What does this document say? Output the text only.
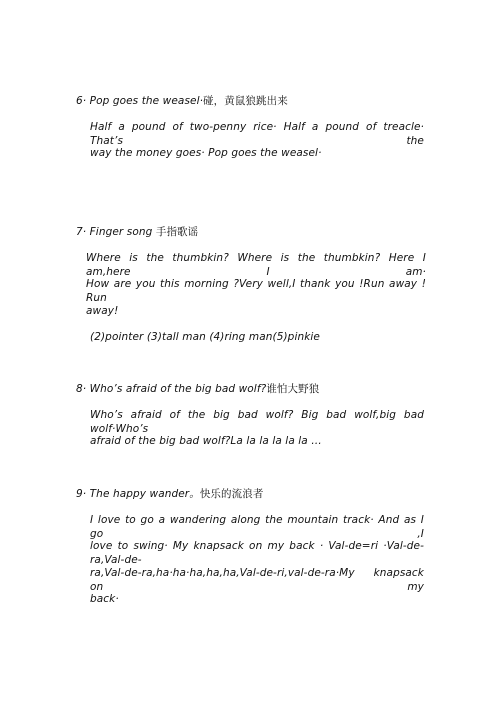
6· Pop goes the weasel·碰，黄鼠狼跳出来
Half a pound of two-penny rice· Half a pound of treacle· That’s the
way the money goes· Pop goes the weasel·
7· Finger song 手指歌谣
Where is the thumbkin? Where is the thumbkin? Here I am,here I am·
How are you this morning ?Very well,I thank you !Run away ! Run
away!
(2)pointer (3)tall man (4)ring man(5)pinkie
8· Who’s afraid of the big bad wolf?谁怕大野狼
Who’s afraid of the big bad wolf? Big bad wolf,big bad wolf·Who’s
afraid of the big bad wolf?La la la la la la …
9· The happy wander。快乐的流浪者
I love to go a wandering along the mountain track· And as I go ,I
love to swing· My knapsack on my back · Val-de=ri ·Val-de-ra,Val-de-
ra,Val-de-ra,ha·ha·ha,ha,ha,Val-de-ri,val-de-ra·My knapsack on my
back·
